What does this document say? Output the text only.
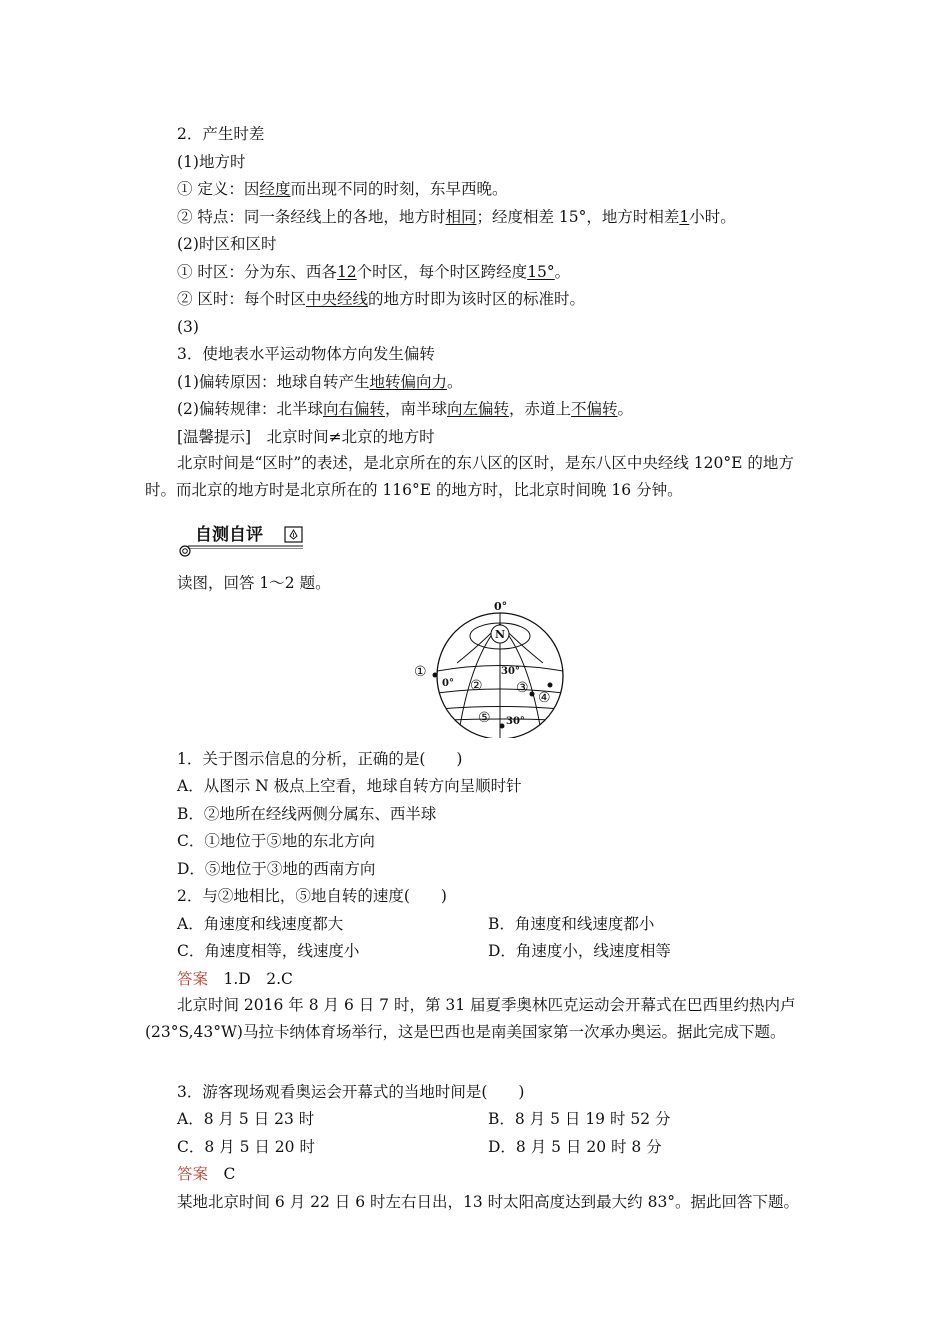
2．产生时差
(1)地方时
① 定义：因经度而出现不同的时刻，东早西晚。
② 特点：同一条经线上的各地，地方时相同；经度相差 15°，地方时相差1小时。
(2)时区和区时
① 时区：分为东、西各12个时区，每个时区跨经度15°。
② 区时：每个时区中央经线的地方时即为该时区的标准时。
(3)
3．使地表水平运动物体方向发生偏转
(1)偏转原因：地球自转产生地转偏向力。
(2)偏转规律：北半球向右偏转，南半球向左偏转，赤道上不偏转。
[温馨提示]　北京时间≠北京的地方时
北京时间是“区时”的表述，是北京所在的东八区的区时，是东八区中央经线 120°E 的地方时。而北京的地方时是北京所在的 116°E 的地方时，比北京时间晚 16 分钟。
自测自评
读图，回答 1～2 题。
0°
N
30°
0°
30°
①
② ③
④
⑤
1．关于图示信息的分析，正确的是(　　)
A．从图示 N 极点上空看，地球自转方向呈顺时针
B．②地所在经线两侧分属东、西半球
C．①地位于⑤地的东北方向
D．⑤地位于③地的西南方向
2．与②地相比，⑤地自转的速度(　　)
A．角速度和线速度都大	B．角速度和线速度都小
C．角速度相等，线速度小	D．角速度小，线速度相等
答案　1.D　2.C
北京时间 2016 年 8 月 6 日 7 时，第 31 届夏季奥林匹克运动会开幕式在巴西里约热内卢(23°S,43°W)马拉卡纳体育场举行，这是巴西也是南美国家第一次承办奥运。据此完成下题。
3．游客现场观看奥运会开幕式的当地时间是(　　)
A．8 月 5 日 23 时	B．8 月 5 日 19 时 52 分
C．8 月 5 日 20 时	D．8 月 5 日 20 时 8 分
答案　C
某地北京时间 6 月 22 日 6 时左右日出，13 时太阳高度达到最大约 83°。据此回答下题。
